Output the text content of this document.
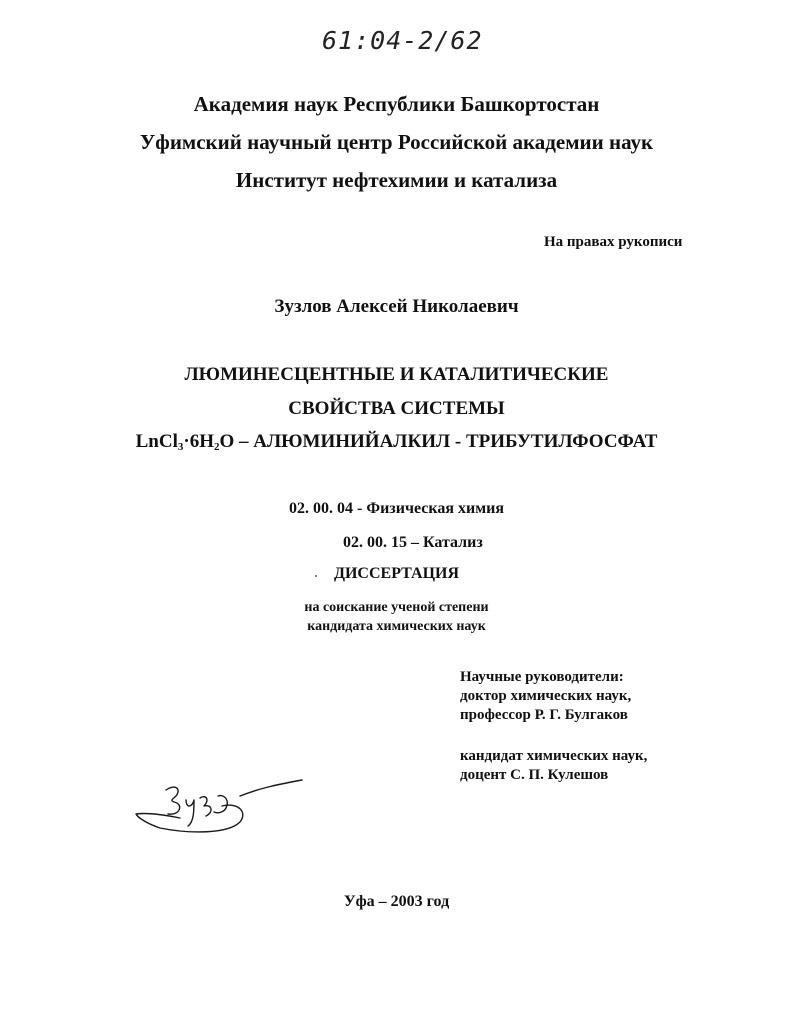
61:04-2/62
Академия наук Республики Башкортостан
Уфимский научный центр Российской академии наук
Институт нефтехимии и катализа
На правах рукописи
Зузлов Алексей Николаевич
ЛЮМИНЕСЦЕНТНЫЕ И КАТАЛИТИЧЕСКИЕ
СВОЙСТВА СИСТЕМЫ
$LnCl_3\cdot 6H_2O$ – АЛЮМИНИЙАЛКИЛ - ТРИБУТИЛФОСФАТ
02. 00. 04 - Физическая химия
02. 00. 15 – Катализ
ДИССЕРТАЦИЯ
на соискание ученой степени
кандидата химических наук
Научные руководители:
доктор химических наук,
профессор Р. Г. Булгаков
кандидат химических наук,
доцент С. П. Кулешов
Уфа – 2003 год
